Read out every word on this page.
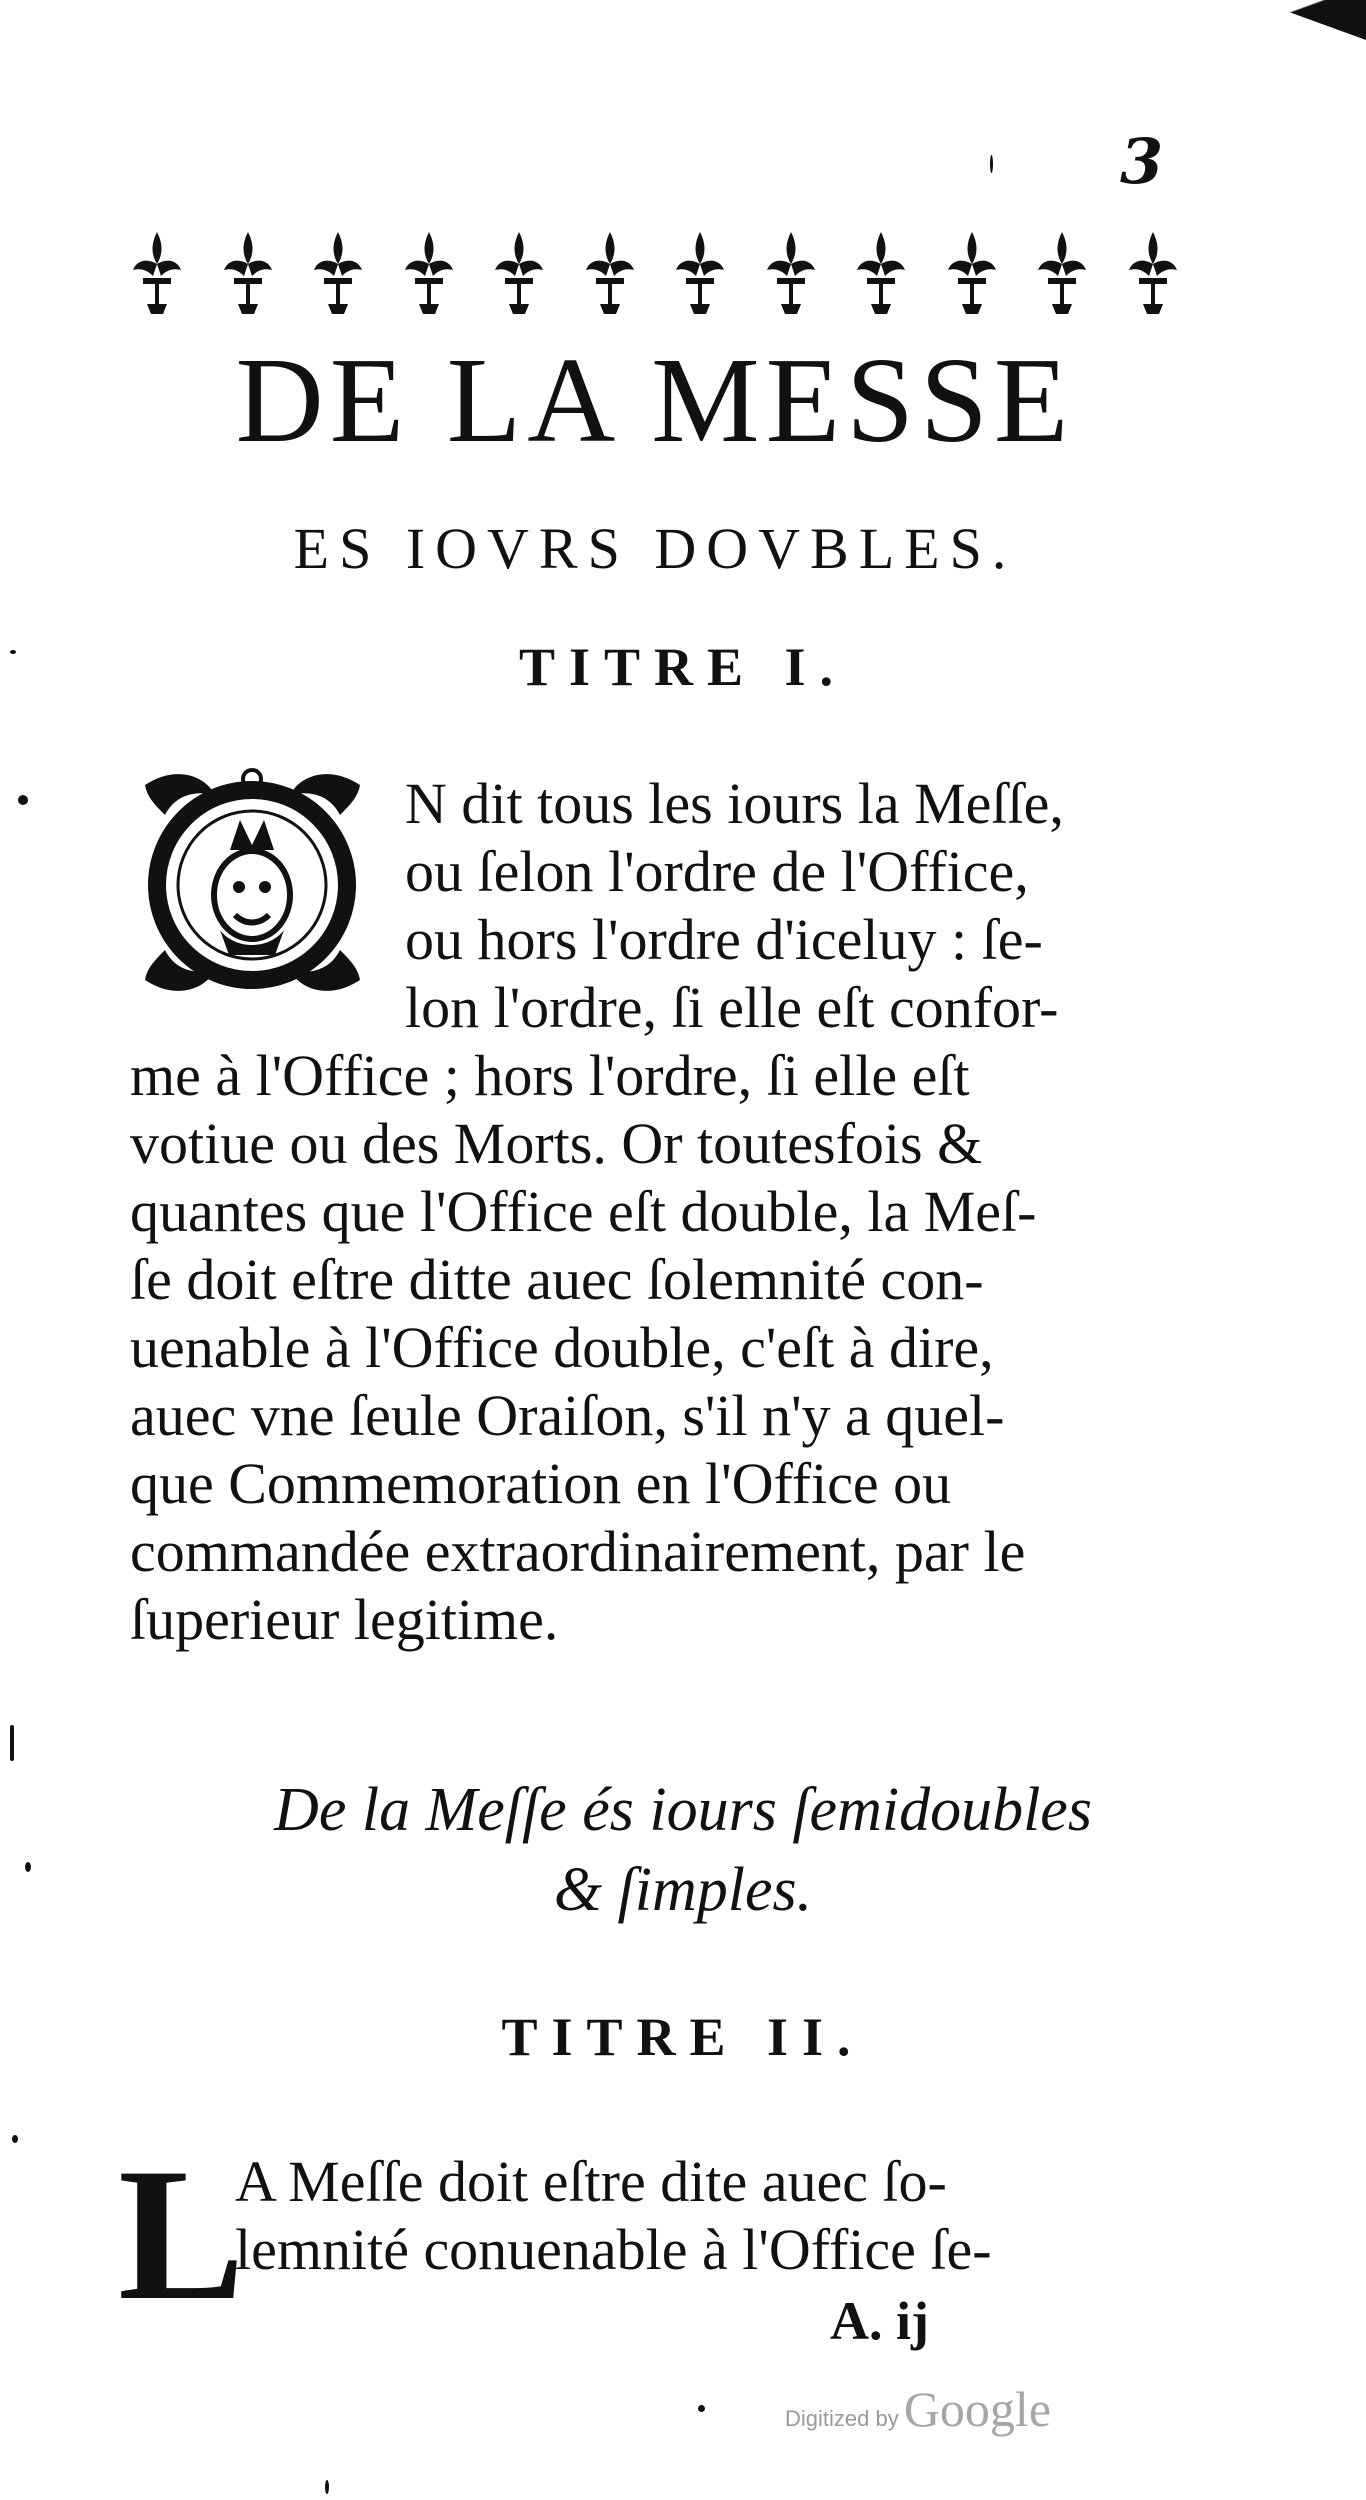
3
DE LA MESSE
ES IOVRS DOVBLES.
TITRE I.

N dit tous les iours la Meſſe,
ou ſelon l'ordre de l'Office,
ou hors l'ordre d'iceluy : ſe-
lon l'ordre, ſi elle eſt confor-

me à l'Office ; hors l'ordre, ſi elle eſt
votiue ou des Morts. Or toutesfois &
quantes que l'Office eſt double, la Meſ-
ſe doit eſtre ditte auec ſolemnité con-
uenable à l'Office double, c'eſt à dire,
auec vne ſeule Oraiſon, s'il n'y a quel-
que Commemoration en l'Office ou
commandée extraordinairement, par le
ſuperieur legitime.

De la Meſſe és iours ſemidoubles
& ſimples.
TITRE II.
L

A Meſſe doit eſtre dite auec ſo-
lemnité conuenable à l'Office ſe-

A. ij
Digitized by Google
